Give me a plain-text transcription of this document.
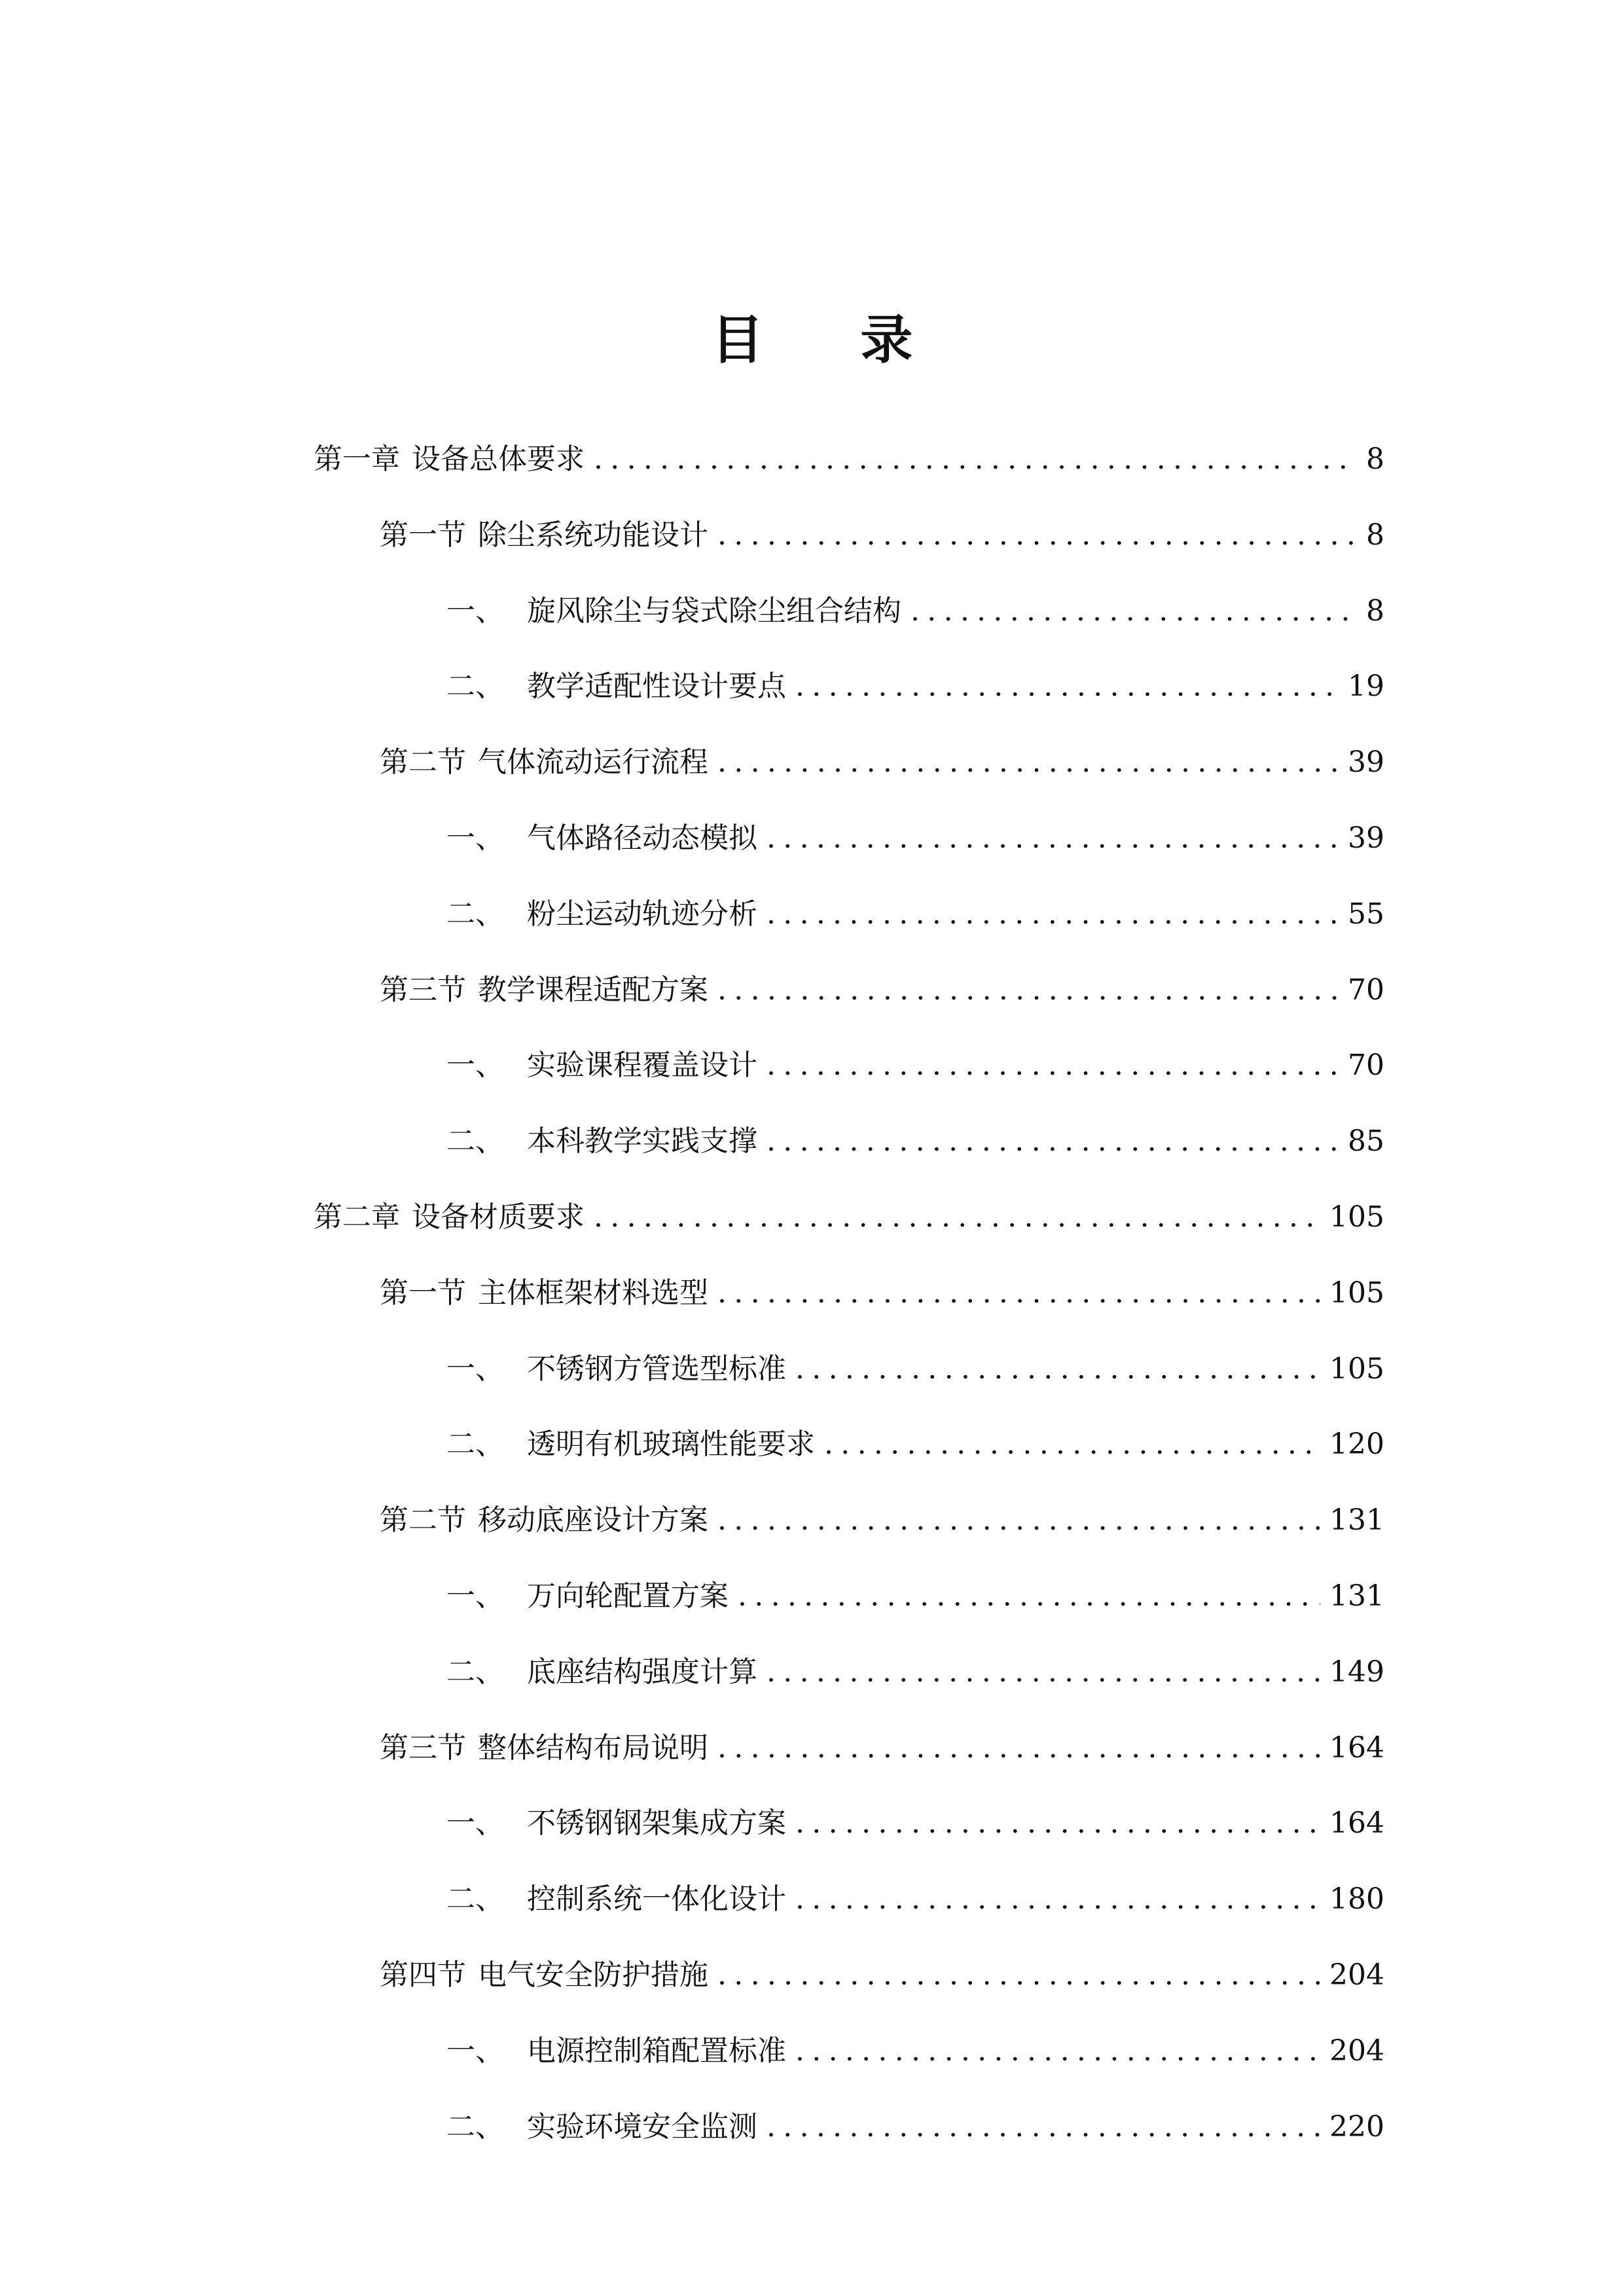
目 录
第一章 设备总体要求 .....	8
第一节 除尘系统功能设计 .....	8
一、 旋风除尘与袋式除尘组合结构 .....	8
二、 教学适配性设计要点 .....	19
第二节 气体流动运行流程 .....	39
一、 气体路径动态模拟 .....	39
二、 粉尘运动轨迹分析 .....	55
第三节 教学课程适配方案 .....	70
一、 实验课程覆盖设计 .....	70
二、 本科教学实践支撑 .....	85
第二章 设备材质要求 .....	105
第一节 主体框架材料选型 .....	105
一、 不锈钢方管选型标准 .....	105
二、 透明有机玻璃性能要求 .....	120
第二节 移动底座设计方案 .....	131
一、 万向轮配置方案 .....	131
二、 底座结构强度计算 .....	149
第三节 整体结构布局说明 .....	164
一、 不锈钢钢架集成方案 .....	164
二、 控制系统一体化设计 .....	180
第四节 电气安全防护措施 .....	204
一、 电源控制箱配置标准 .....	204
二、 实验环境安全监测 .....	220
